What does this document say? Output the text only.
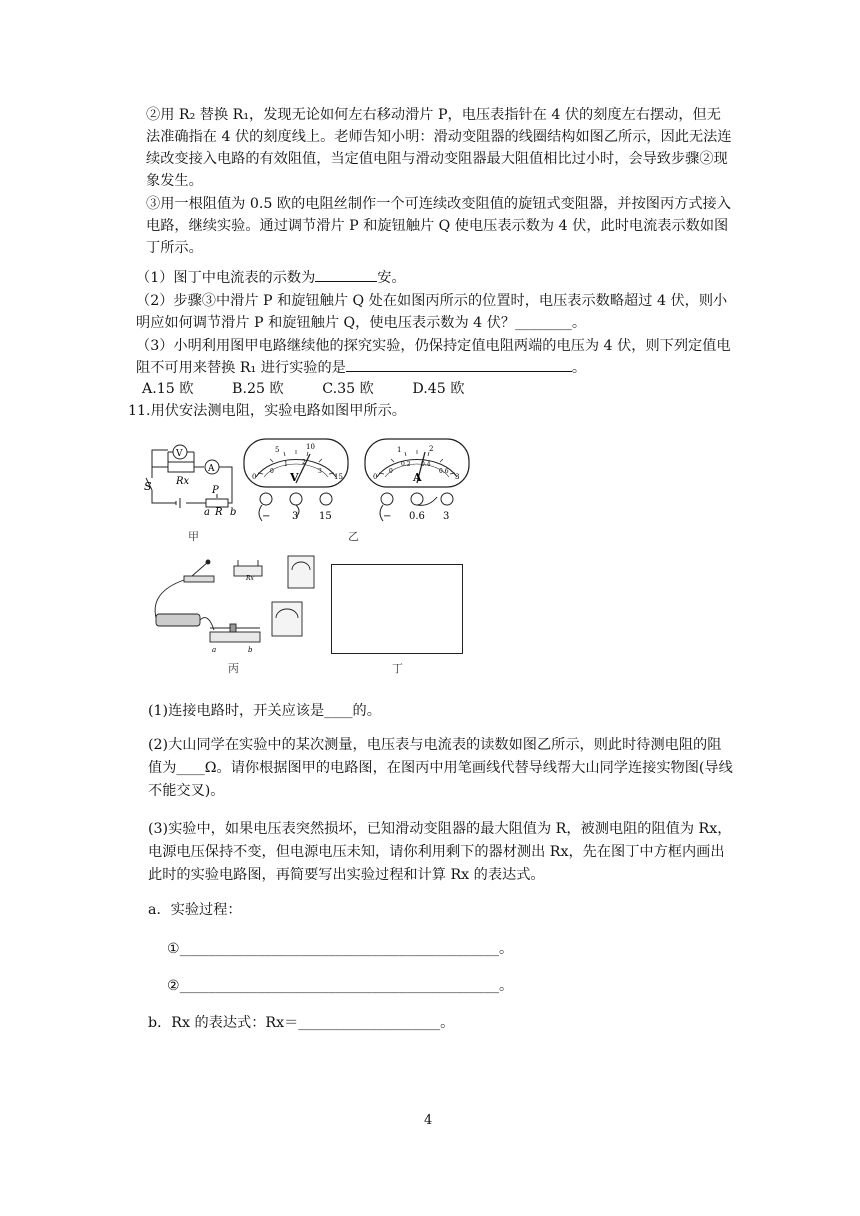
②用 R₂ 替换 R₁，发现无论如何左右移动滑片 P，电压表指针在 4 伏的刻度左右摆动，但无法准确指在 4 伏的刻度线上。老师告知小明：滑动变阻器的线圈结构如图乙所示，因此无法连续改变接入电路的有效阻值，当定值电阻与滑动变阻器最大阻值相比过小时，会导致步骤②现象发生。
③用一根阻值为 0.5 欧的电阻丝制作一个可连续改变阻值的旋钮式变阻器，并按图丙方式接入电路，继续实验。通过调节滑片 P 和旋钮触片 Q 使电压表示数为 4 伏，此时电流表示数如图丁所示。
（1）图丁中电流表的示数为	安。
（2）步骤③中滑片 P 和旋钮触片 Q 处在如图丙所示的位置时，电压表示数略超过 4 伏，则小明应如何调节滑片 P 和旋钮触片 Q，使电压表示数为 4 伏？________。
（3）小明利用图甲电路继续他的探究实验，仍保持定值电阻两端的电压为 4 伏，则下列定值电阻不可用来替换 R₁ 进行实验的是	。
A.15 欧	B.25 欧	C.35 欧	D.45 欧
11.用伏安法测电阻，实验电路如图甲所示。
S
V
A
Rx
P
a R b
甲
0
5	10
15
0
1 2
3
V
− 3 15
0
1	2
3
0
0.2 0.4
0.6
A
− 0.6 3
乙
Rx
a	b
丙	丁
(1)连接电路时，开关应该是____的。
(2)大山同学在实验中的某次测量，电压表与电流表的读数如图乙所示，则此时待测电阻的阻值为____Ω。请你根据图甲的电路图，在图丙中用笔画线代替导线帮大山同学连接实物图(导线不能交叉)。
(3)实验中，如果电压表突然损坏，已知滑动变阻器的最大阻值为 R，被测电阻的阻值为 Rx，电源电压保持不变，但电源电压未知，请你利用剩下的器材测出 Rx，先在图丁中方框内画出此时的实验电路图，再简要写出实验过程和计算 Rx 的表达式。
a．实验过程：
①_____________________________________________。
②_____________________________________________。
b．Rx 的表达式：Rx＝____________________。
4
